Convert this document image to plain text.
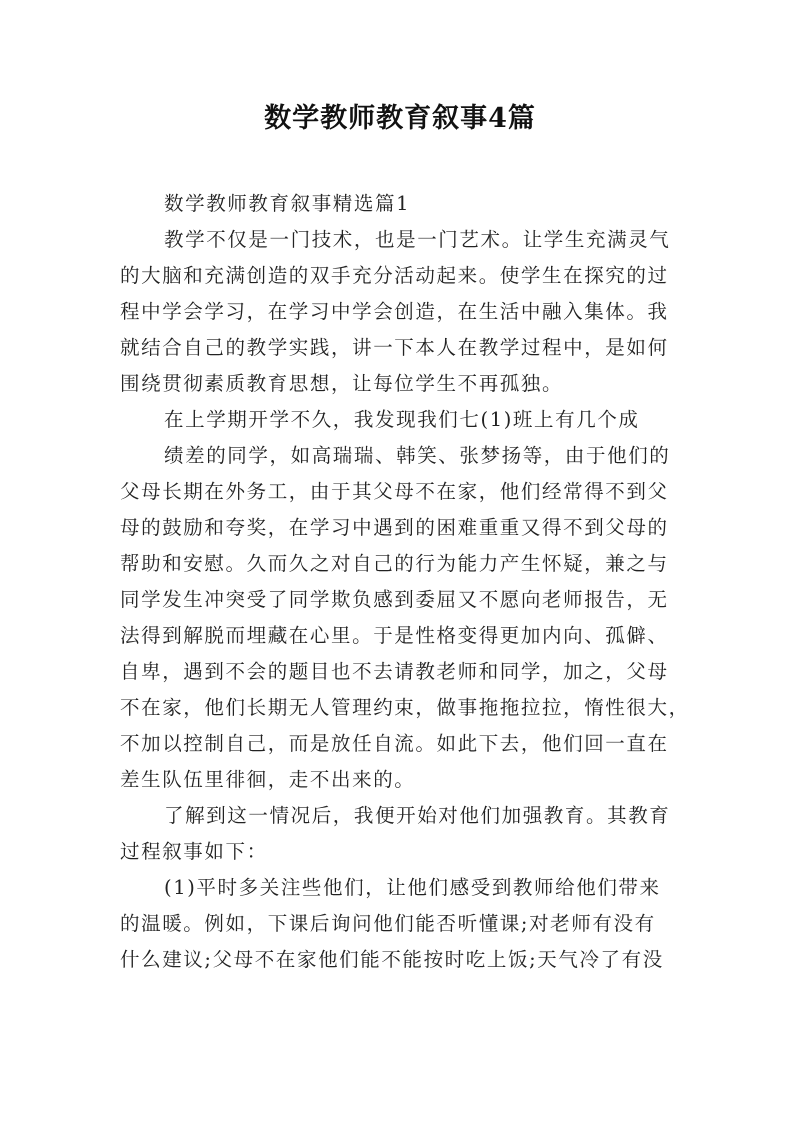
数学教师教育叙事4篇
数学教师教育叙事精选篇1
教学不仅是一门技术，也是一门艺术。让学生充满灵气
的大脑和充满创造的双手充分活动起来。使学生在探究的过
程中学会学习，在学习中学会创造，在生活中融入集体。我
就结合自己的教学实践，讲一下本人在教学过程中，是如何
围绕贯彻素质教育思想，让每位学生不再孤独。
在上学期开学不久，我发现我们七(1)班上有几个成
绩差的同学，如高瑞瑞、韩笑、张梦扬等，由于他们的
父母长期在外务工，由于其父母不在家，他们经常得不到父
母的鼓励和夸奖，在学习中遇到的困难重重又得不到父母的
帮助和安慰。久而久之对自己的行为能力产生怀疑，兼之与
同学发生冲突受了同学欺负感到委屈又不愿向老师报告，无
法得到解脱而埋藏在心里。于是性格变得更加内向、孤僻、
自卑，遇到不会的题目也不去请教老师和同学，加之，父母
不在家，他们长期无人管理约束，做事拖拖拉拉，惰性很大，
不加以控制自己，而是放任自流。如此下去，他们回一直在
差生队伍里徘徊，走不出来的。
了解到这一情况后，我便开始对他们加强教育。其教育
过程叙事如下：
(1)平时多关注些他们，让他们感受到教师给他们带来
的温暖。例如，下课后询问他们能否听懂课;对老师有没有
什么建议;父母不在家他们能不能按时吃上饭;天气冷了有没
